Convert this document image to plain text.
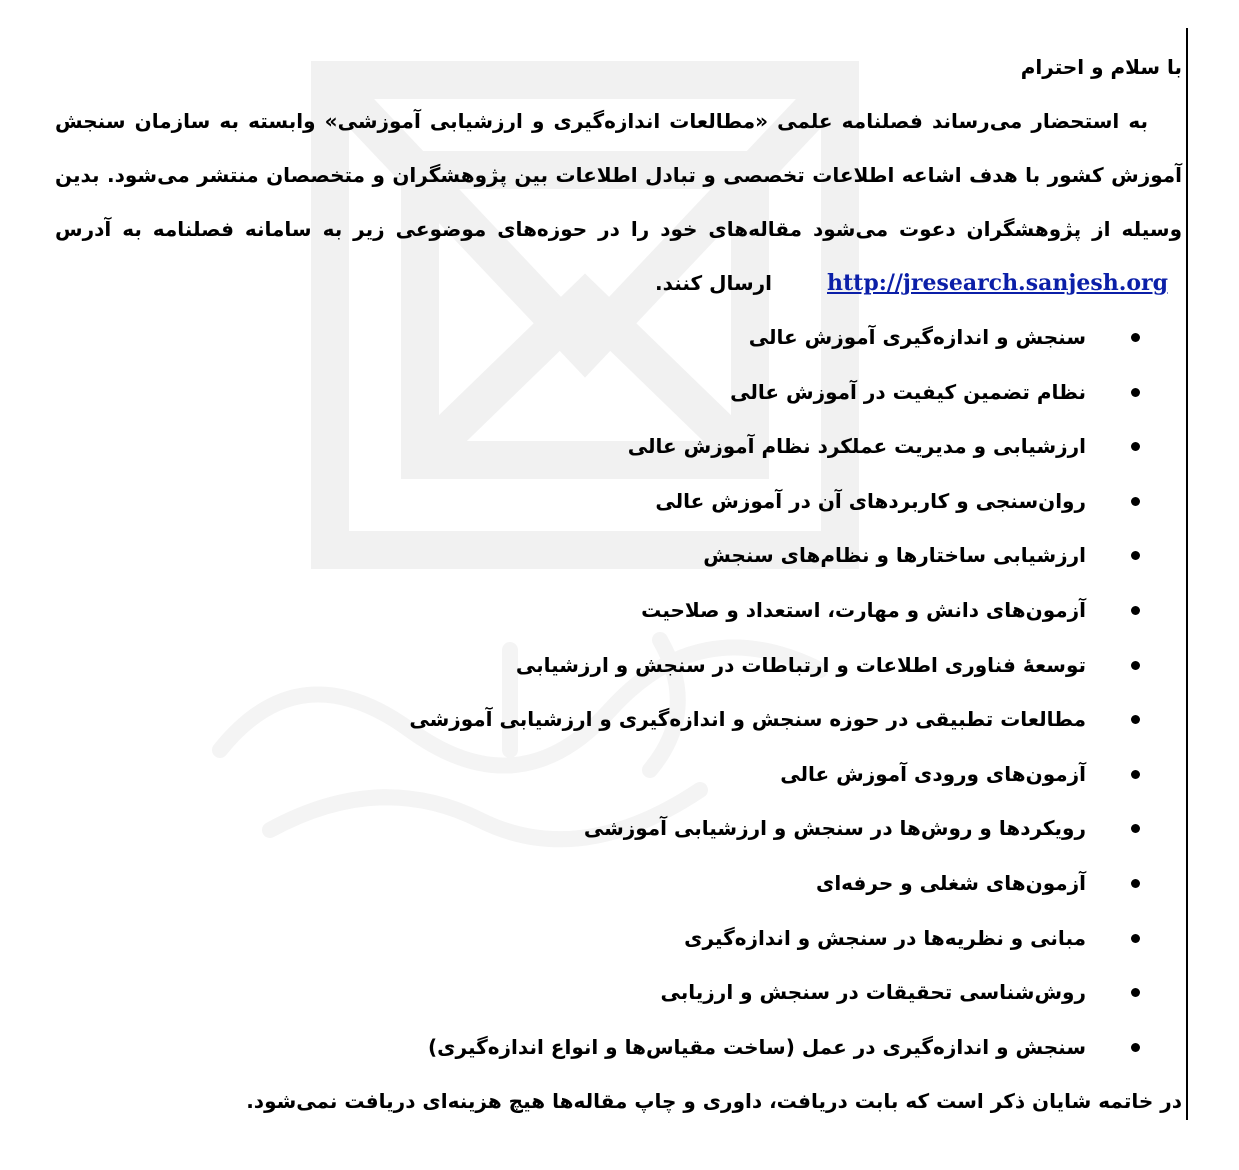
با سلام و احترام

به استحضار می‌رساند فصلنامه علمی «مطالعات اندازه‌گیری و ارزشیابی آموزشی» وابسته به سازمان سنجش آموزش کشور با هدف اشاعه اطلاعات تخصصی و تبادل اطلاعات بین پژوهشگران و متخصصان منتشر می‌شود. بدین وسیله از پژوهشگران دعوت می‌شود مقاله‌های خود را در حوزه‌های موضوعی زیر به سامانه فصلنامه به آدرس http://jresearch.sanjesh.org ارسال کنند.

سنجش و اندازه‌گیری آموزش عالی
نظام تضمین کیفیت در آموزش عالی
ارزشیابی و مدیریت عملکرد نظام آموزش عالی
روان‌سنجی و کاربردهای آن در آموزش عالی
ارزشیابی ساختارها و نظام‌های سنجش
آزمون‌های دانش و مهارت، استعداد و صلاحیت
توسعهٔ فناوری اطلاعات و ارتباطات در سنجش و ارزشیابی
مطالعات تطبیقی در حوزه سنجش و اندازه‌گیری و ارزشیابی آموزشی
آزمون‌های ورودی آموزش عالی
رویکردها و روش‌ها در سنجش و ارزشیابی آموزشی
آزمون‌های شغلی و حرفه‌ای
مبانی و نظریه‌ها در سنجش و اندازه‌گیری
روش‌شناسی تحقیقات در سنجش و ارزیابی
سنجش و اندازه‌گیری در عمل (ساخت مقیاس‌ها و انواع اندازه‌گیری)
در خاتمه شایان ذکر است که بابت دریافت، داوری و چاپ مقاله‌ها هیچ هزینه‌ای دریافت نمی‌شود.
